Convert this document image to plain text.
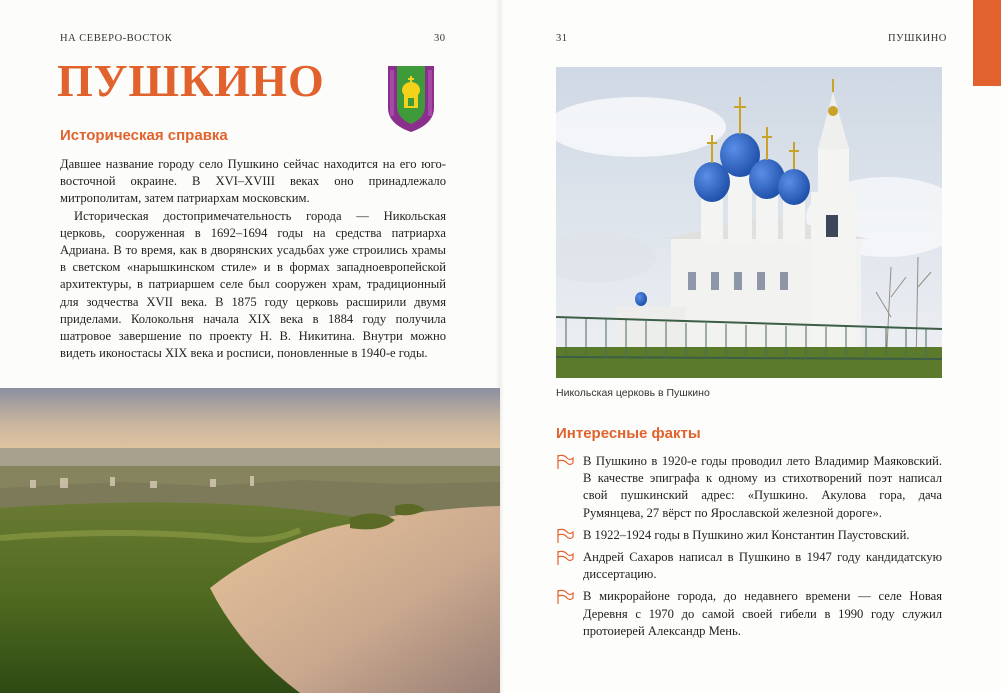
НА СЕВЕРО-ВОСТОК	30	31	ПУШКИНО
ПУШКИНО
Историческая справка

Давшее название городу село Пушкино сейчас находится на его юго-восточной окраине. В XVI–XVIII веках оно принадлежало митрополитам, затем патриархам московским.

Историческая достопримечательность города — Никольская церковь, сооруженная в 1692–1694 годы на средства патриарха Адриана. В то время, как в дворянских усадьбах уже строились храмы в светском «нарышкинском стиле» и в формах западноевропейской архитектуры, в патриаршем селе был сооружен храм, традиционный для зодчества XVII века. В 1875 году церковь расширили двумя приделами. Колокольня начала XIX века в 1884 году получила шатровое завершение по проекту Н. В. Никитина. Внутри можно видеть иконостасы XIX века и росписи, поновленные в 1940-е годы.

Никольская церковь в Пушкино
Интересные факты
В Пушкино в 1920-е годы проводил лето Владимир Маяковский. В качестве эпиграфа к одному из стихотворений поэт написал свой пушкинский адрес: «Пушкино. Акулова гора, дача Румянцева, 27 вёрст по Ярославской железной дороге».
В 1922–1924 годы в Пушкино жил Константин Паустовский.
Андрей Сахаров написал в Пушкино в 1947 году кандидатскую диссертацию.
В микрорайоне города, до недавнего времени — селе Новая Деревня с 1970 до самой своей гибели в 1990 году служил протоиерей Александр Мень.
